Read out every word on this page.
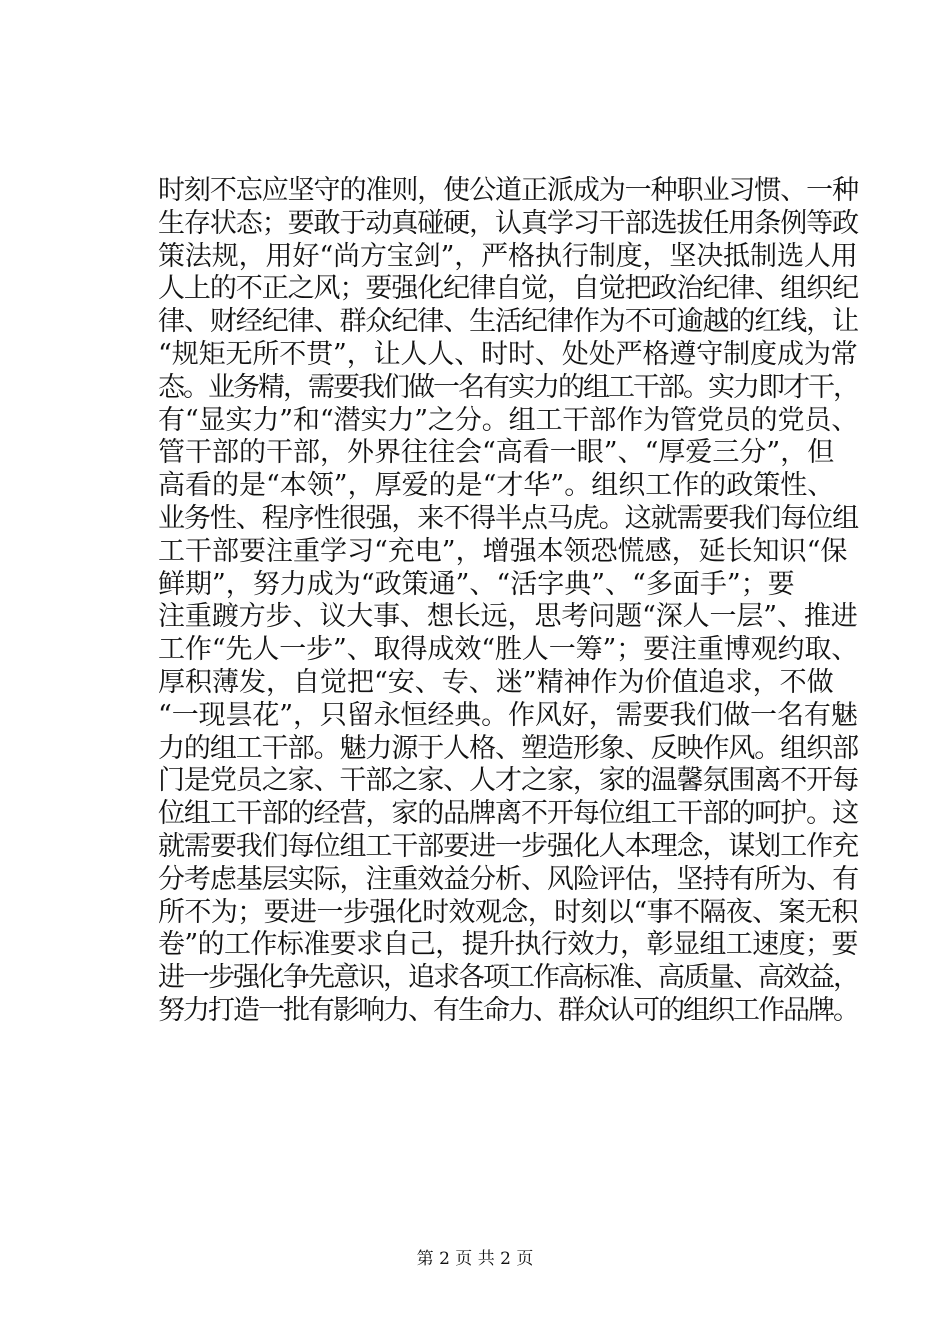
时刻不忘应坚守的准则，使公道正派成为一种职业习惯、一种
生存状态；要敢于动真碰硬，认真学习干部选拔任用条例等政
策法规，用好“尚方宝剑”，严格执行制度，坚决抵制选人用
人上的不正之风；要强化纪律自觉，自觉把政治纪律、组织纪
律、财经纪律、群众纪律、生活纪律作为不可逾越的红线，让
“规矩无所不贯”，让人人、时时、处处严格遵守制度成为常
态。业务精，需要我们做一名有实力的组工干部。实力即才干，
有“显实力”和“潜实力”之分。组工干部作为管党员的党员、
管干部的干部，外界往往会“高看一眼”、“厚爱三分”，但
高看的是“本领”，厚爱的是“才华”。组织工作的政策性、
业务性、程序性很强，来不得半点马虎。这就需要我们每位组
工干部要注重学习“充电”，增强本领恐慌感，延长知识“保
鲜期”，努力成为“政策通”、“活字典”、“多面手”；要
注重踱方步、议大事、想长远，思考问题“深人一层”、推进
工作“先人一步”、取得成效“胜人一筹”；要注重博观约取、
厚积薄发，自觉把“安、专、迷”精神作为价值追求，不做
“一现昙花”，只留永恒经典。作风好，需要我们做一名有魅
力的组工干部。魅力源于人格、塑造形象、反映作风。组织部
门是党员之家、干部之家、人才之家，家的温馨氛围离不开每
位组工干部的经营，家的品牌离不开每位组工干部的呵护。这
就需要我们每位组工干部要进一步强化人本理念，谋划工作充
分考虑基层实际，注重效益分析、风险评估，坚持有所为、有
所不为；要进一步强化时效观念，时刻以“事不隔夜、案无积
卷”的工作标准要求自己，提升执行效力，彰显组工速度；要
进一步强化争先意识，追求各项工作高标准、高质量、高效益，
努力打造一批有影响力、有生命力、群众认可的组织工作品牌。
第 2 页 共 2 页
